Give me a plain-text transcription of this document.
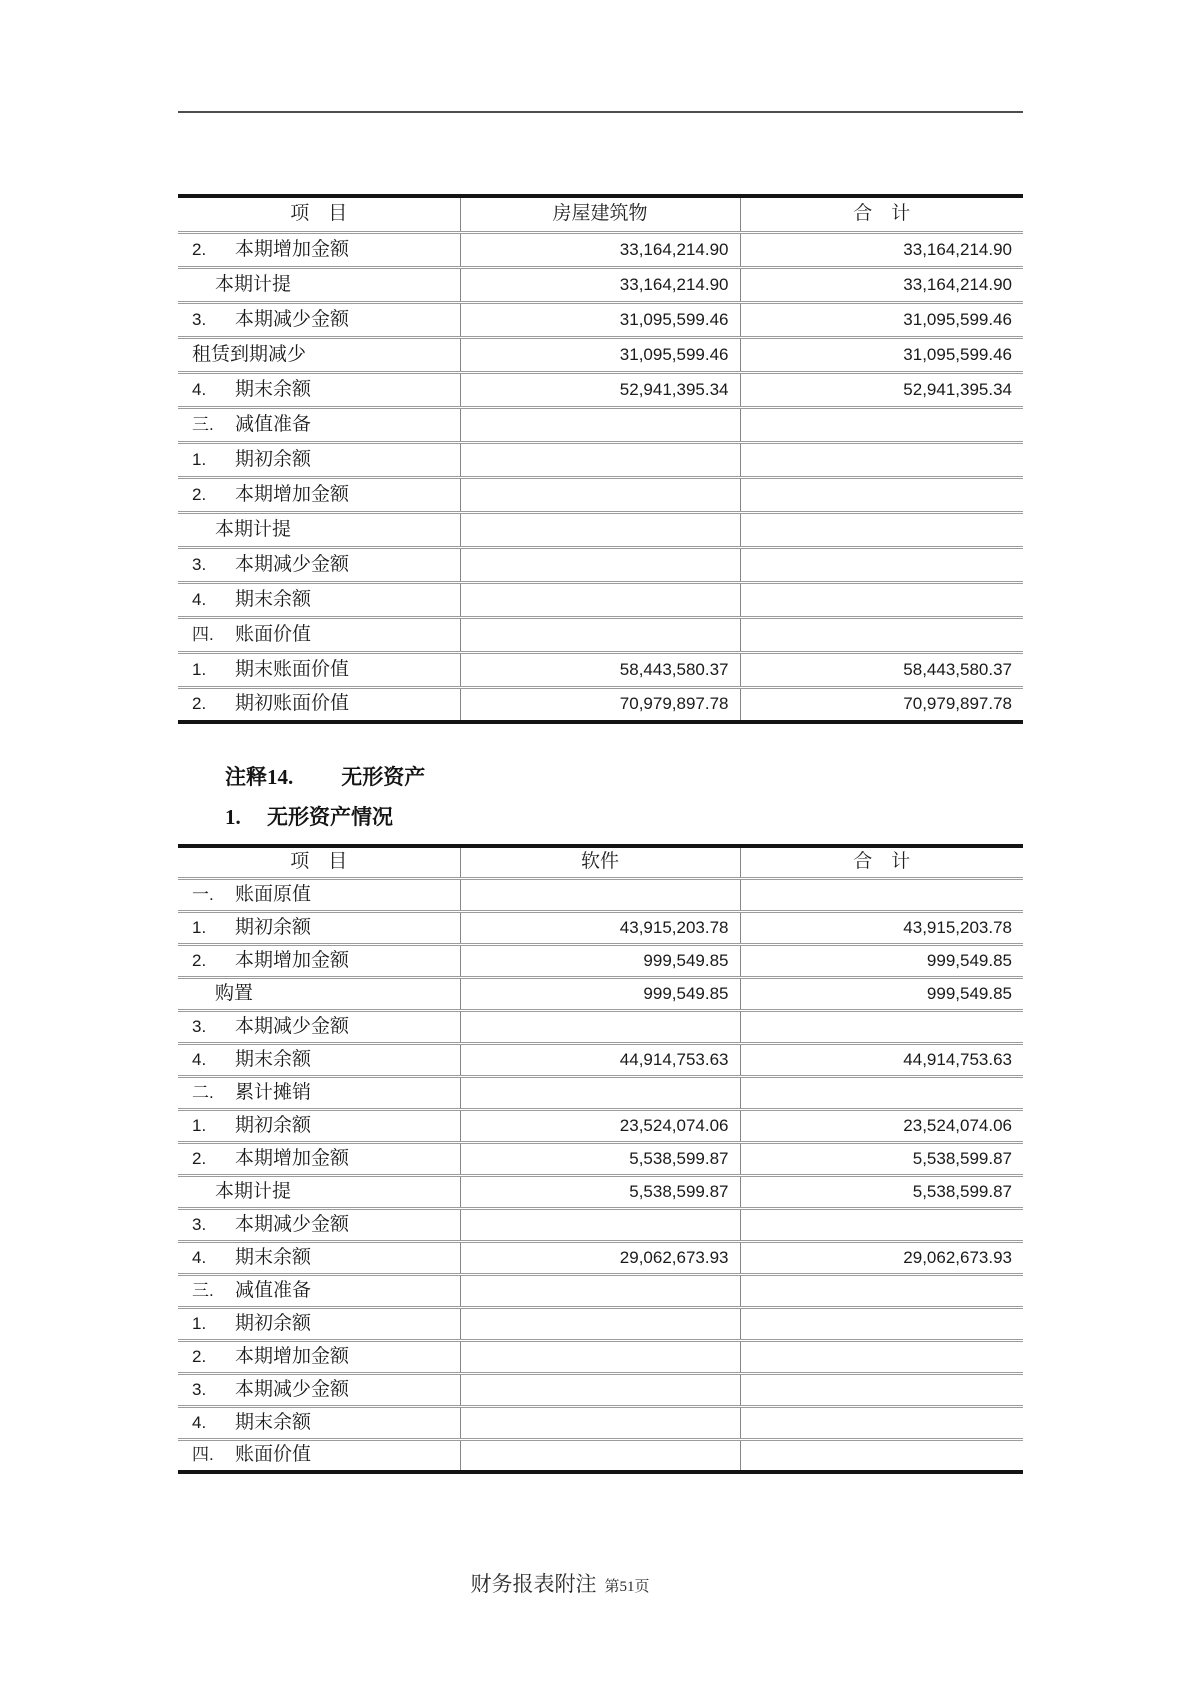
项　目	房屋建筑物	合　计
2. 本期增加金额	33,164,214.90	33,164,214.90
本期计提	33,164,214.90	33,164,214.90
3. 本期减少金额	31,095,599.46	31,095,599.46
租赁到期减少	31,095,599.46	31,095,599.46
4. 期末余额	52,941,395.34	52,941,395.34
三. 减值准备		
1. 期初余额		
2. 本期增加金额		
本期计提		
3. 本期减少金额		
4. 期末余额		
四. 账面价值		
1. 期末账面价值	58,443,580.37	58,443,580.37
2. 期初账面价值	70,979,897.78	70,979,897.78
注释14. 无形资产
1. 无形资产情况
项　目	软件	合　计
一. 账面原值		
1. 期初余额	43,915,203.78	43,915,203.78
2. 本期增加金额	999,549.85	999,549.85
购置	999,549.85	999,549.85
3. 本期减少金额		
4. 期末余额	44,914,753.63	44,914,753.63
二. 累计摊销		
1. 期初余额	23,524,074.06	23,524,074.06
2. 本期增加金额	5,538,599.87	5,538,599.87
本期计提	5,538,599.87	5,538,599.87
3. 本期减少金额		
4. 期末余额	29,062,673.93	29,062,673.93
三. 减值准备		
1. 期初余额		
2. 本期增加金额		
3. 本期减少金额		
4. 期末余额		
四. 账面价值		
财务报表附注 第51页
